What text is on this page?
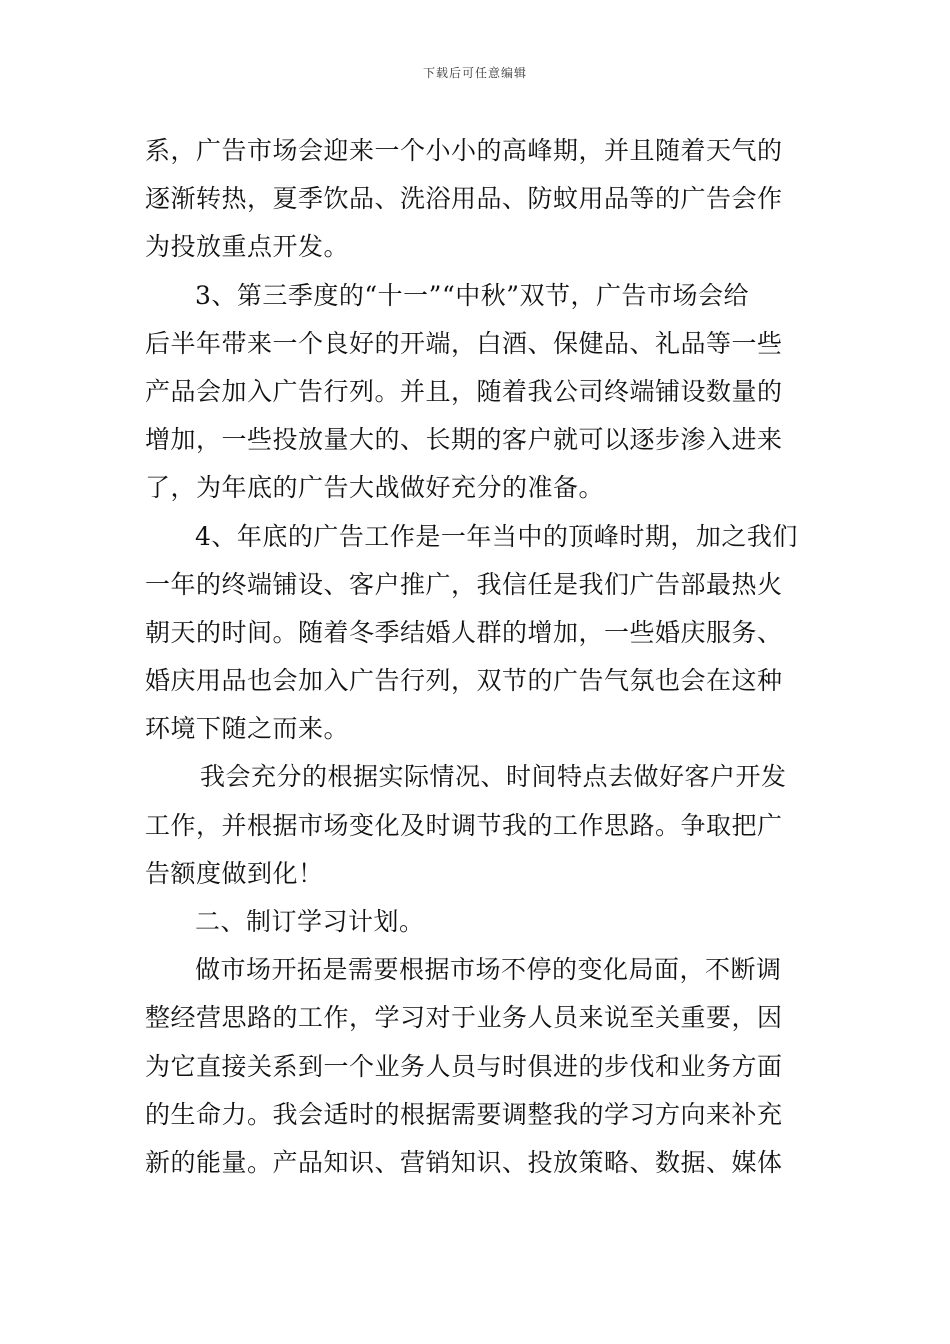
下载后可任意编辑
系，广告市场会迎来一个小小的高峰期，并且随着天气的
逐渐转热，夏季饮品、洗浴用品、防蚊用品等的广告会作
为投放重点开发。
3、第三季度的“十一”“中秋”双节，广告市场会给
后半年带来一个良好的开端，白酒、保健品、礼品等一些
产品会加入广告行列。并且，随着我公司终端铺设数量的
增加，一些投放量大的、长期的客户就可以逐步渗入进来
了，为年底的广告大战做好充分的准备。
4、年底的广告工作是一年当中的顶峰时期，加之我们
一年的终端铺设、客户推广，我信任是我们广告部最热火
朝天的时间。随着冬季结婚人群的增加，一些婚庆服务、
婚庆用品也会加入广告行列，双节的广告气氛也会在这种
环境下随之而来。
我会充分的根据实际情况、时间特点去做好客户开发
工作，并根据市场变化及时调节我的工作思路。争取把广
告额度做到化！
二、制订学习计划。
做市场开拓是需要根据市场不停的变化局面，不断调
整经营思路的工作，学习对于业务人员来说至关重要，因
为它直接关系到一个业务人员与时俱进的步伐和业务方面
的生命力。我会适时的根据需要调整我的学习方向来补充
新的能量。产品知识、营销知识、投放策略、数据、媒体
